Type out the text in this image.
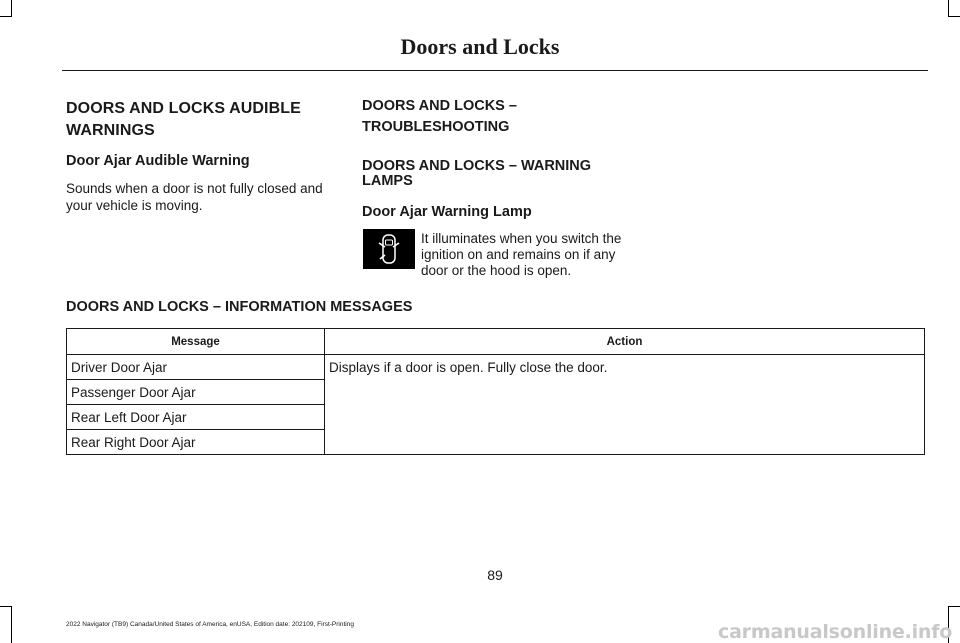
Doors and Locks
DOORS AND LOCKS AUDIBLE
WARNINGS
Door Ajar Audible Warning
Sounds when a door is not fully closed and
your vehicle is moving.
DOORS AND LOCKS –
TROUBLESHOOTING
DOORS AND LOCKS – WARNING
LAMPS
Door Ajar Warning Lamp
It illuminates when you switch the
ignition on and remains on if any
door or the hood is open.
DOORS AND LOCKS – INFORMATION MESSAGES
Message	Action
Driver Door Ajar	Displays if a door is open. Fully close the door.
Passenger Door Ajar	
Rear Left Door Ajar	
Rear Right Door Ajar	
89
2022 Navigator (TB9) Canada/United States of America, enUSA, Edition date: 202109, First-Printing	carmanualsonline.info
